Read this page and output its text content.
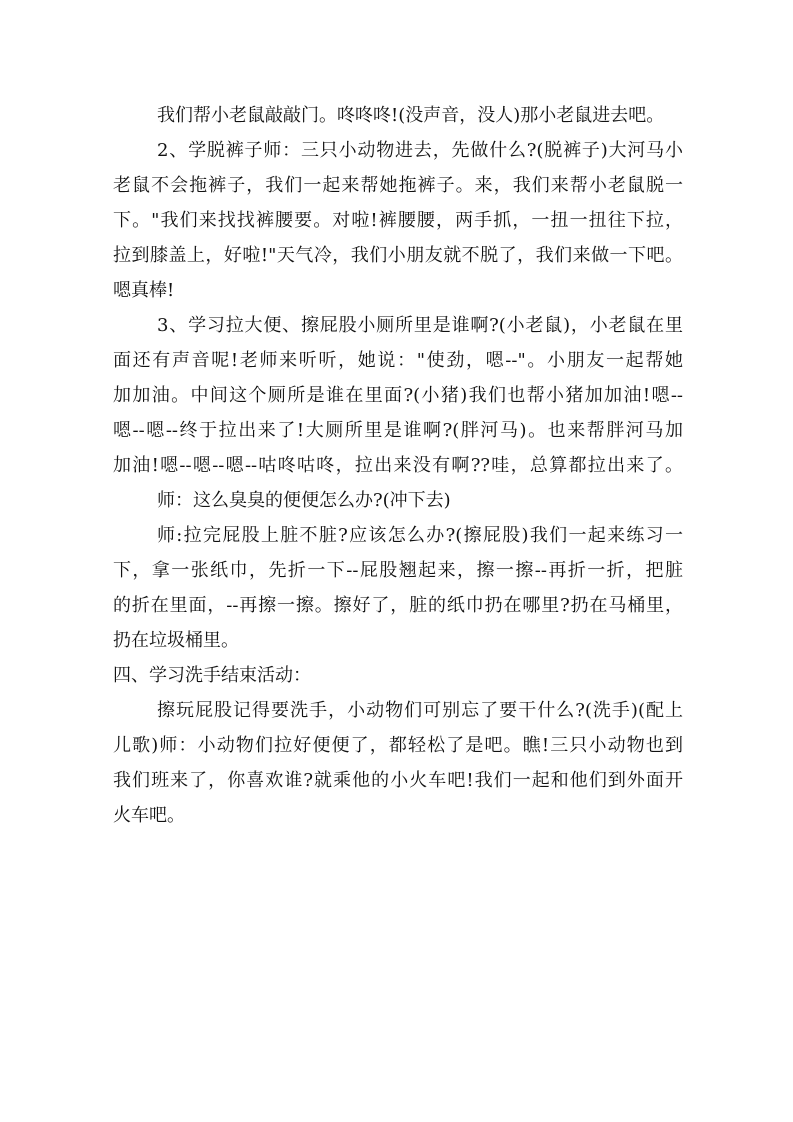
我们帮小老鼠敲敲门。咚咚咚!(没声音，没人)那小老鼠进去吧。
2、学脱裤子师：三只小动物进去，先做什么?(脱裤子)大河马小
老鼠不会拖裤子，我们一起来帮她拖裤子。来，我们来帮小老鼠脱一
下。"我们来找找裤腰要。对啦!裤腰腰，两手抓，一扭一扭往下拉，
拉到膝盖上，好啦!"天气冷，我们小朋友就不脱了，我们来做一下吧。
嗯真棒!
3、学习拉大便、擦屁股小厕所里是谁啊?(小老鼠)，小老鼠在里
面还有声音呢!老师来听听，她说："使劲，嗯--"。小朋友一起帮她
加加油。中间这个厕所是谁在里面?(小猪)我们也帮小猪加加油!嗯--
嗯--嗯--终于拉出来了!大厕所里是谁啊?(胖河马)。也来帮胖河马加
加油!嗯--嗯--嗯--咕咚咕咚，拉出来没有啊??哇，总算都拉出来了。
师：这么臭臭的便便怎么办?(冲下去)
师:拉完屁股上脏不脏?应该怎么办?(擦屁股)我们一起来练习一
下，拿一张纸巾，先折一下--屁股翘起来，擦一擦--再折一折，把脏
的折在里面，--再擦一擦。擦好了，脏的纸巾扔在哪里?扔在马桶里，
扔在垃圾桶里。
四、学习洗手结束活动：
擦玩屁股记得要洗手，小动物们可别忘了要干什么?(洗手)(配上
儿歌)师：小动物们拉好便便了，都轻松了是吧。瞧!三只小动物也到
我们班来了，你喜欢谁?就乘他的小火车吧!我们一起和他们到外面开
火车吧。
